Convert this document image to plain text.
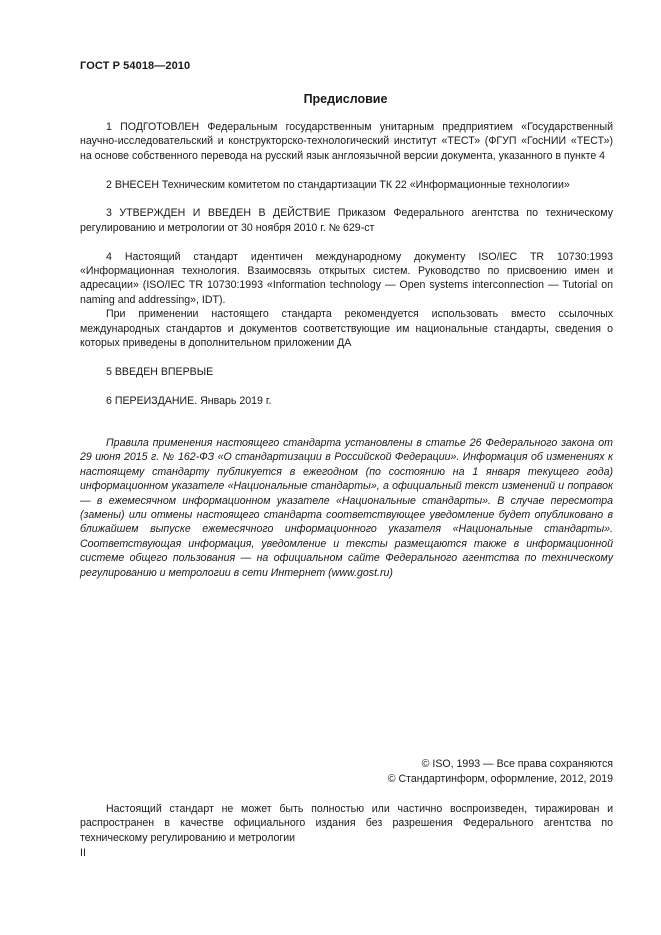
ГОСТ Р 54018—2010
Предисловие

1 ПОДГОТОВЛЕН Федеральным государственным унитарным предприятием «Государственный научно-исследовательский и конструкторско-технологический институт «ТЕСТ» (ФГУП «ГосНИИ «ТЕСТ») на основе собственного перевода на русский язык англоязычной версии документа, указанного в пункте 4

2 ВНЕСЕН Техническим комитетом по стандартизации ТК 22 «Информационные технологии»

3 УТВЕРЖДЕН И ВВЕДЕН В ДЕЙСТВИЕ Приказом Федерального агентства по техническому регулированию и метрологии от 30 ноября 2010 г. № 629-ст

4 Настоящий стандарт идентичен международному документу ISO/IEC TR 10730:1993 «Информационная технология. Взаимосвязь открытых систем. Руководство по присвоению имен и адресации» (ISO/IEC TR 10730:1993 «Information technology — Open systems interconnection — Tutorial on naming and addressing», IDT).

При применении настоящего стандарта рекомендуется использовать вместо ссылочных международных стандартов и документов соответствующие им национальные стандарты, сведения о которых приведены в дополнительном приложении ДА

5 ВВЕДЕН ВПЕРВЫЕ

6 ПЕРЕИЗДАНИЕ. Январь 2019 г.

Правила применения настоящего стандарта установлены в статье 26 Федерального закона от 29 июня 2015 г. № 162-ФЗ «О стандартизации в Российской Федерации». Информация об изменениях к настоящему стандарту публикуется в ежегодном (по состоянию на 1 января текущего года) информационном указателе «Национальные стандарты», а официальный текст изменений и поправок — в ежемесячном информационном указателе «Национальные стандарты». В случае пересмотра (замены) или отмены настоящего стандарта соответствующее уведомление будет опубликовано в ближайшем выпуске ежемесячного информационного указателя «Национальные стандарты». Соответствующая информация, уведомление и тексты размещаются также в информационной системе общего пользования — на официальном сайте Федерального агентства по техническому регулированию и метрологии в сети Интернет (www.gost.ru)

© ISO, 1993 — Все права сохраняются
© Стандартинформ, оформление, 2012, 2019

Настоящий стандарт не может быть полностью или частично воспроизведен, тиражирован и распространен в качестве официального издания без разрешения Федерального агентства по техническому регулированию и метрологии

II
